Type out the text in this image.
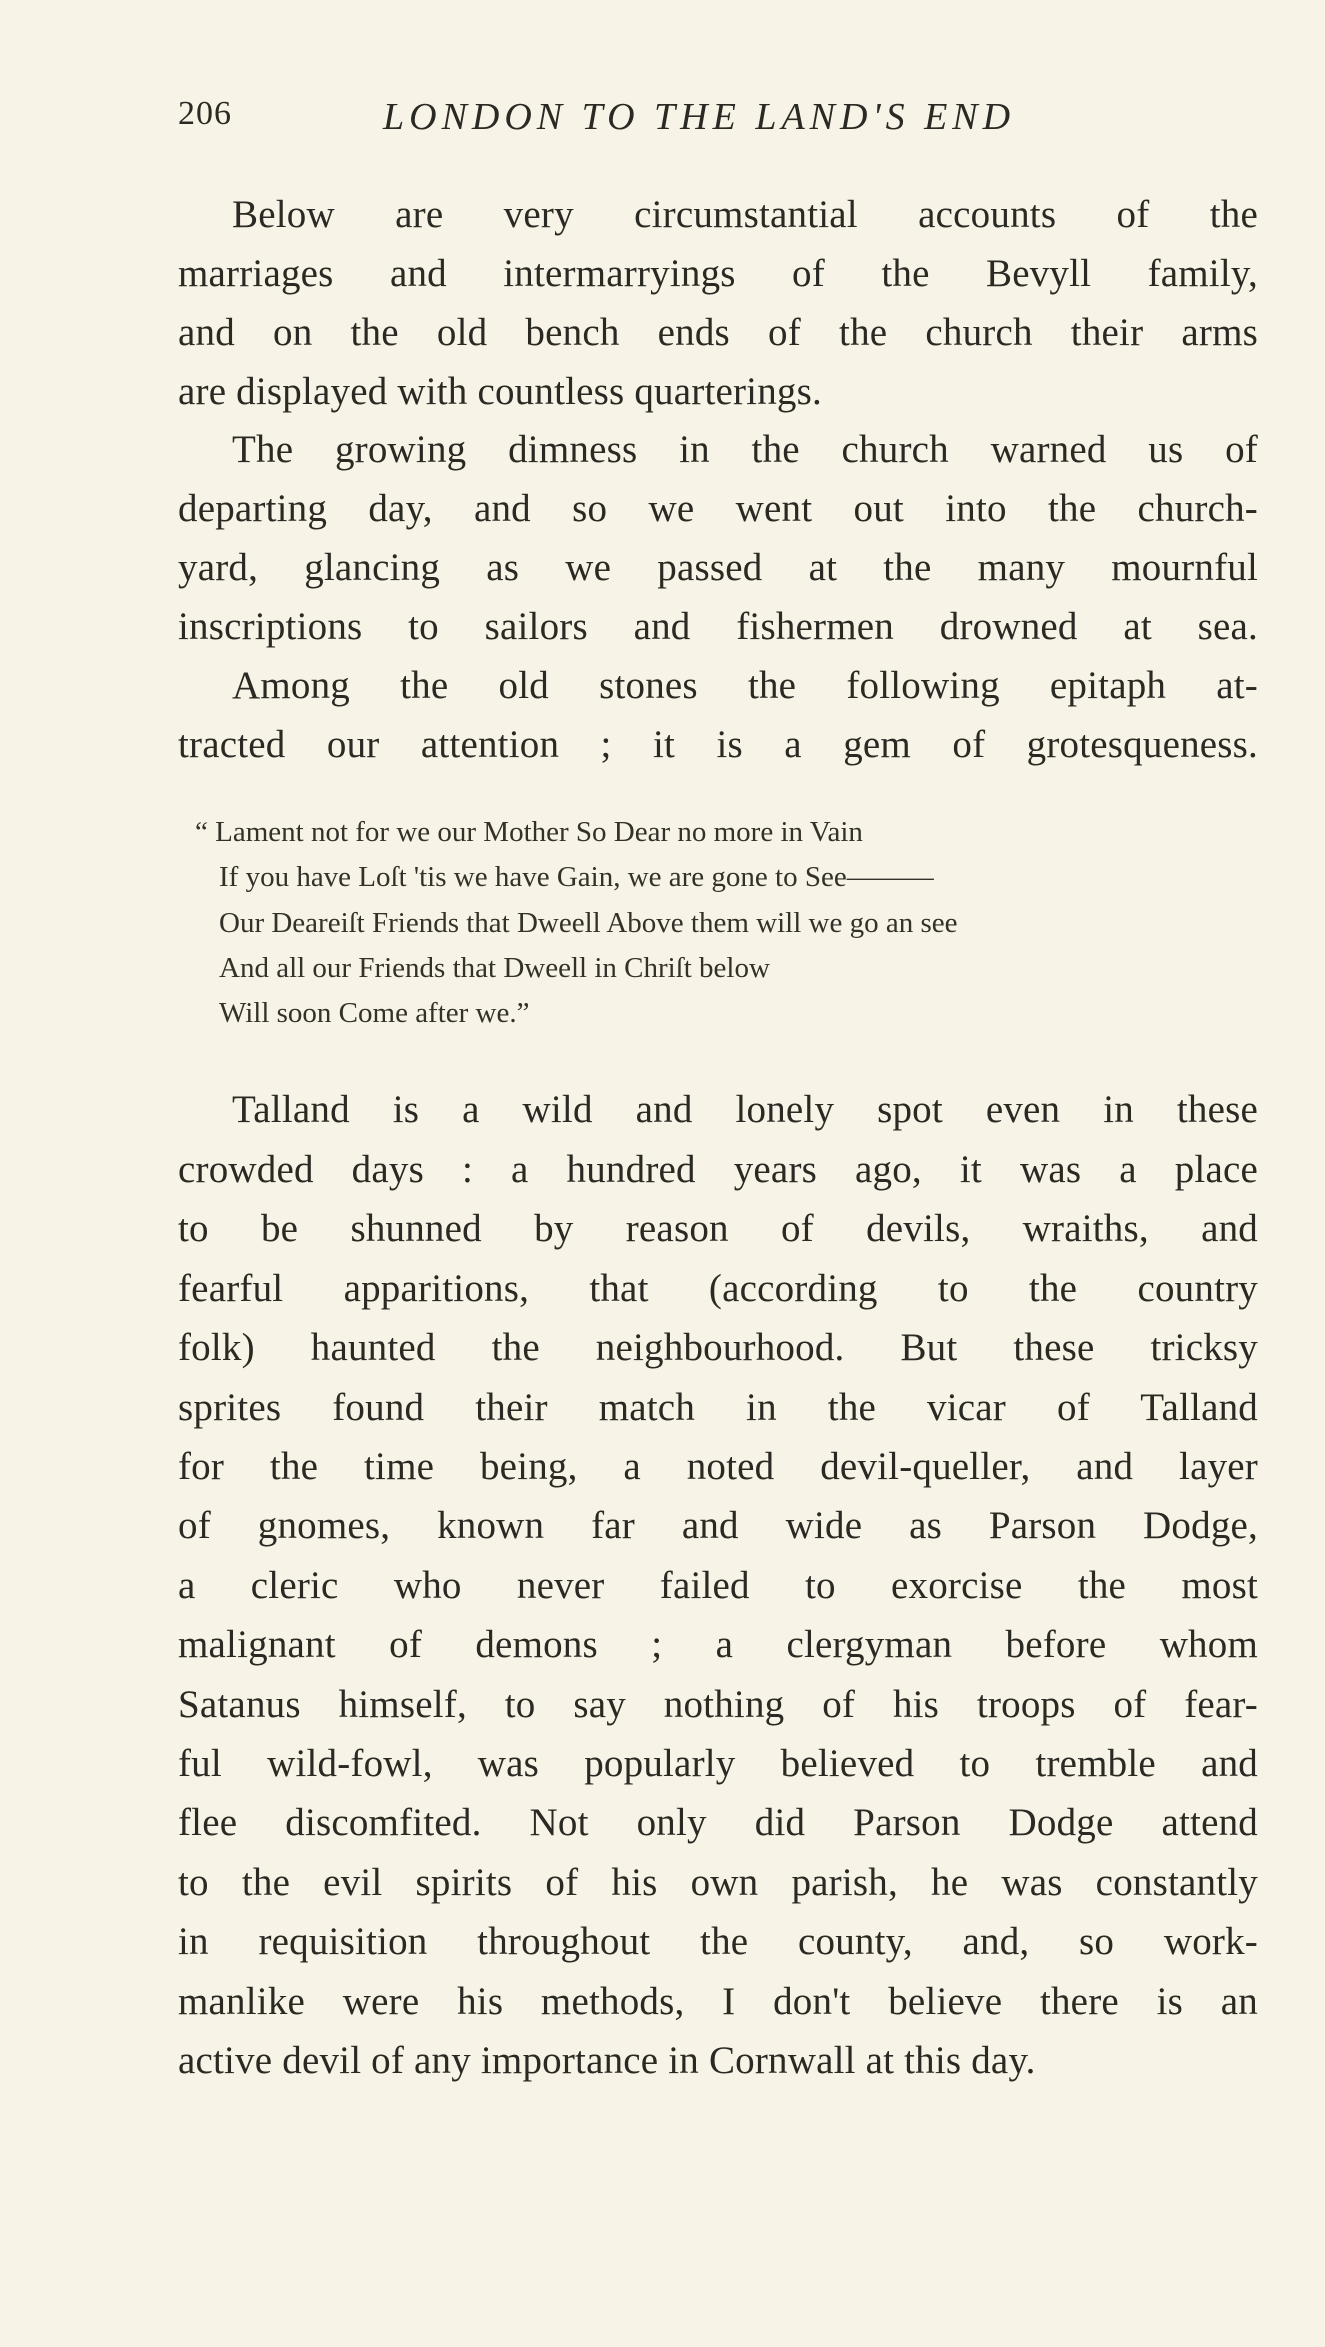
206	LONDON TO THE LAND'S END
Below are very circumstantial accounts of the
marriages and intermarryings of the Bevyll family,
and on the old bench ends of the church their arms
are displayed with countless quarterings.
The growing dimness in the church warned us of
departing day, and so we went out into the church-
yard, glancing as we passed at the many mournful
inscriptions to sailors and fishermen drowned at sea.
Among the old stones the following epitaph at-
tracted our attention ; it is a gem of grotesqueness.
“ Lament not for we our Mother So Dear no more in Vain
If you have Loſt 'tis we have Gain, we are gone to See———
Our Deareiſt Friends that Dweell Above them will we go an see
And all our Friends that Dweell in Chriſt below
Will soon Come after we.”
Talland is a wild and lonely spot even in these
crowded days : a hundred years ago, it was a place
to be shunned by reason of devils, wraiths, and
fearful apparitions, that (according to the country
folk) haunted the neighbourhood. But these tricksy
sprites found their match in the vicar of Talland
for the time being, a noted devil-queller, and layer
of gnomes, known far and wide as Parson Dodge,
a cleric who never failed to exorcise the most
malignant of demons ; a clergyman before whom
Satanus himself, to say nothing of his troops of fear-
ful wild-fowl, was popularly believed to tremble and
flee discomfited. Not only did Parson Dodge attend
to the evil spirits of his own parish, he was constantly
in requisition throughout the county, and, so work-
manlike were his methods, I don't believe there is an
active devil of any importance in Cornwall at this day.
